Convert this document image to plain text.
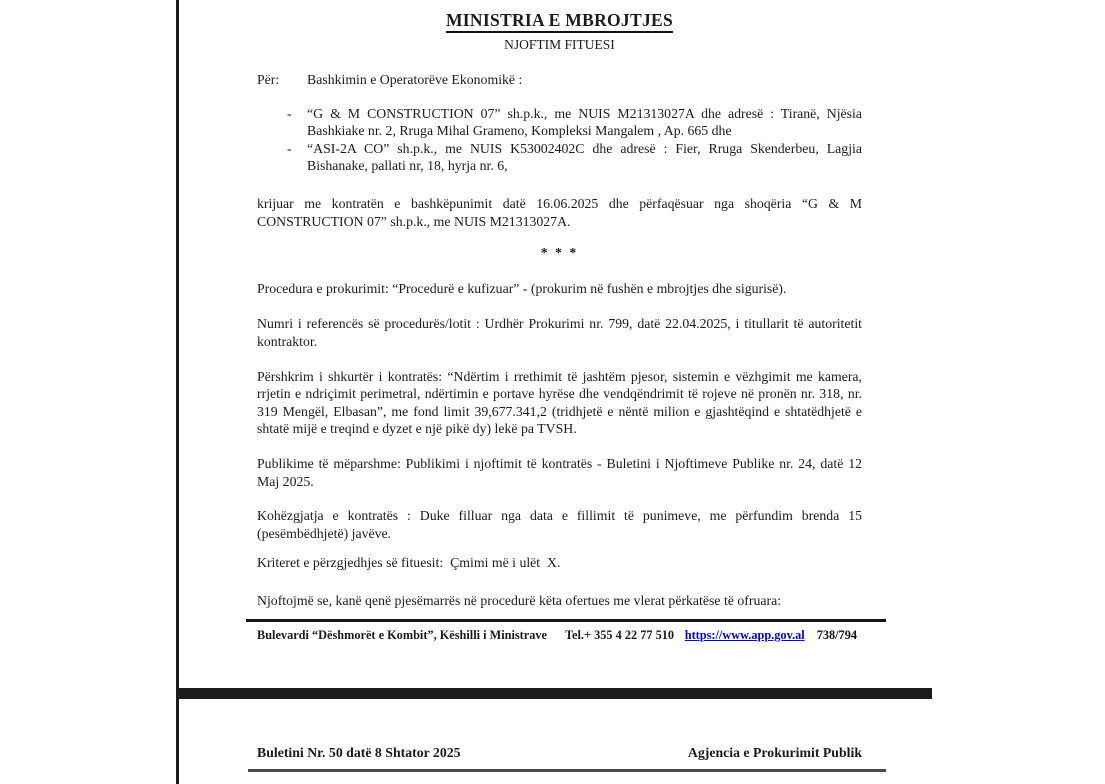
MINISTRIA E MBROJTJES
NJOFTIM FITUESI
Për:	Bashkimin e Operatorëve Ekonomikë :
-	“G & M CONSTRUCTION 07” sh.p.k., me NUIS M21313027A dhe adresë : Tiranë, Njësia Bashkiake nr. 2, Rruga Mihal Grameno, Kompleksi Mangalem , Ap. 665 dhe
-	“ASI-2A CO” sh.p.k., me NUIS K53002402C dhe adresë : Fier, Rruga Skenderbeu, Lagjia Bishanake, pallati nr, 18, hyrja nr. 6,

krijuar me kontratën e bashkëpunimit datë 16.06.2025 dhe përfaqësuar nga shoqëria “G & M CONSTRUCTION 07” sh.p.k., me NUIS M21313027A.

* * *

Procedura e prokurimit: “Procedurë e kufizuar” - (prokurim në fushën e mbrojtjes dhe sigurisë).

Numri i referencës së procedurës/lotit : Urdhër Prokurimi nr. 799, datë 22.04.2025, i titullarit të autoritetit kontraktor.

Përshkrim i shkurtër i kontratës: “Ndërtim i rrethimit të jashtëm pjesor, sistemin e vëzhgimit me kamera, rrjetin e ndriçimit perimetral, ndërtimin e portave hyrëse dhe vendqëndrimit të rojeve në pronën nr. 318, nr. 319 Mengël, Elbasan”, me fond limit 39,677.341,2 (tridhjetë e nëntë milion e gjashtëqind e shtatëdhjetë e shtatë mijë e treqind e dyzet e një pikë dy) lekë pa TVSH.

Publikime të mëparshme: Publikimi i njoftimit të kontratës - Buletini i Njoftimeve Publike nr. 24, datë 12 Maj 2025.

Kohëzgjatja e kontratës : Duke filluar nga data e fillimit të punimeve, me përfundim brenda 15 (pesëmbëdhjetë) javëve.

Kriteret e përzgjedhjes së fituesit:  Çmimi më i ulët  X.

Njoftojmë se, kanë qenë pjesëmarrës në procedurë këta ofertues me vlerat përkatëse të ofruara:

Bulevardi “Dëshmorët e Kombit”, Këshilli i Ministrave Tel.+ 355 4 22 77 510 https://www.app.gov.al 738/794
Buletini Nr. 50 datë 8 Shtator 2025	Agjencia e Prokurimit Publik
